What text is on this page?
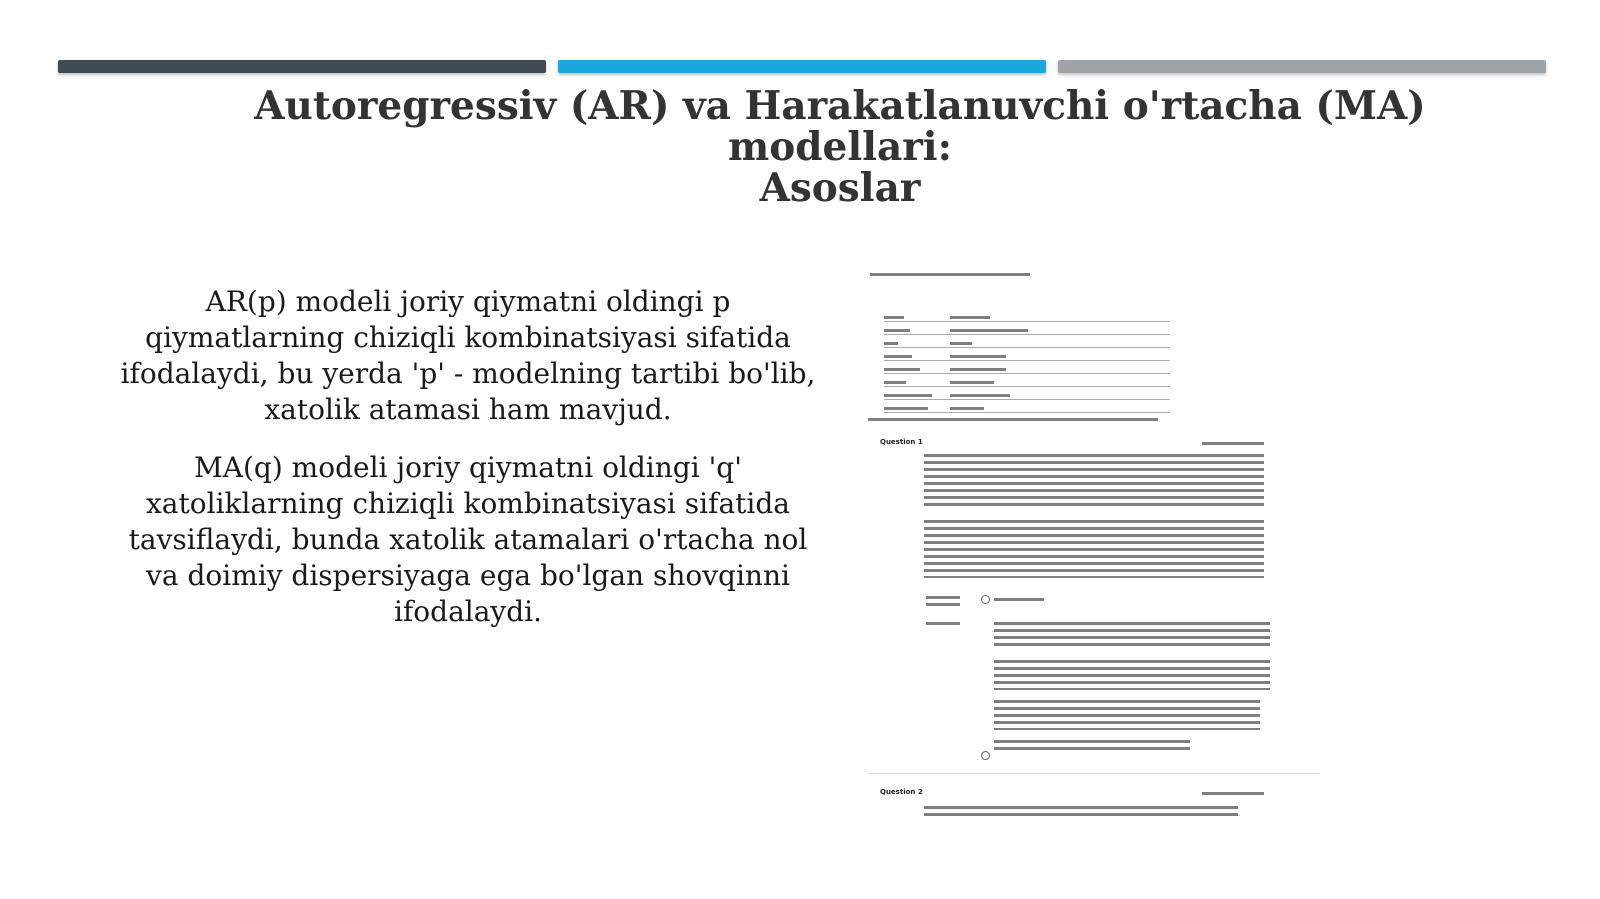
Autoregressiv (AR) va Harakatlanuvchi o'rtacha (MA) modellari:
Asoslar

AR(p) modeli joriy qiymatni oldingi p qiymatlarning chiziqli kombinatsiyasi sifatida ifodalaydi, bu yerda 'p' - modelning tartibi bo'lib, xatolik atamasi ham mavjud.

MA(q) modeli joriy qiymatni oldingi 'q' xatoliklarning chiziqli kombinatsiyasi sifatida tavsiflaydi, bunda xatolik atamalari o'rtacha nol va doimiy dispersiyaga ega bo'lgan shovqinni ifodalaydi.

Question 1
Question 2
